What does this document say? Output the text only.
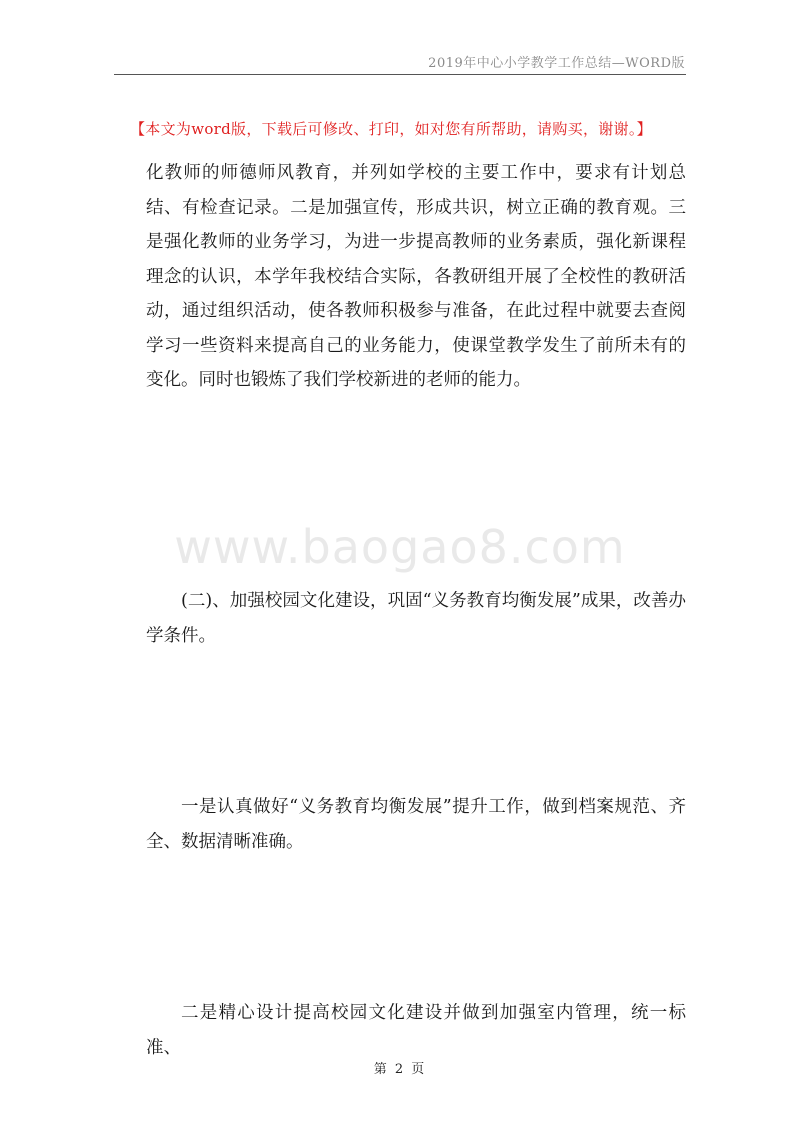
2019年中心小学教学工作总结—WORD版
【本文为word版，下载后可修改、打印，如对您有所帮助，请购买，谢谢。】
www.baogao8.com

化教师的师德师风教育，并列如学校的主要工作中，要求有计划总结、有检查记录。二是加强宣传，形成共识，树立正确的教育观。三是强化教师的业务学习，为进一步提高教师的业务素质，强化新课程理念的认识，本学年我校结合实际，各教研组开展了全校性的教研活动，通过组织活动，使各教师积极参与准备，在此过程中就要去查阅学习一些资料来提高自己的业务能力，使课堂教学发生了前所未有的变化。同时也锻炼了我们学校新进的老师的能力。

(二)、加强校园文化建设，巩固“义务教育均衡发展”成果，改善办学条件。

一是认真做好“义务教育均衡发展”提升工作，做到档案规范、齐全、数据清晰准确。

二是精心设计提高校园文化建设并做到加强室内管理，统一标准、

第 2 页
